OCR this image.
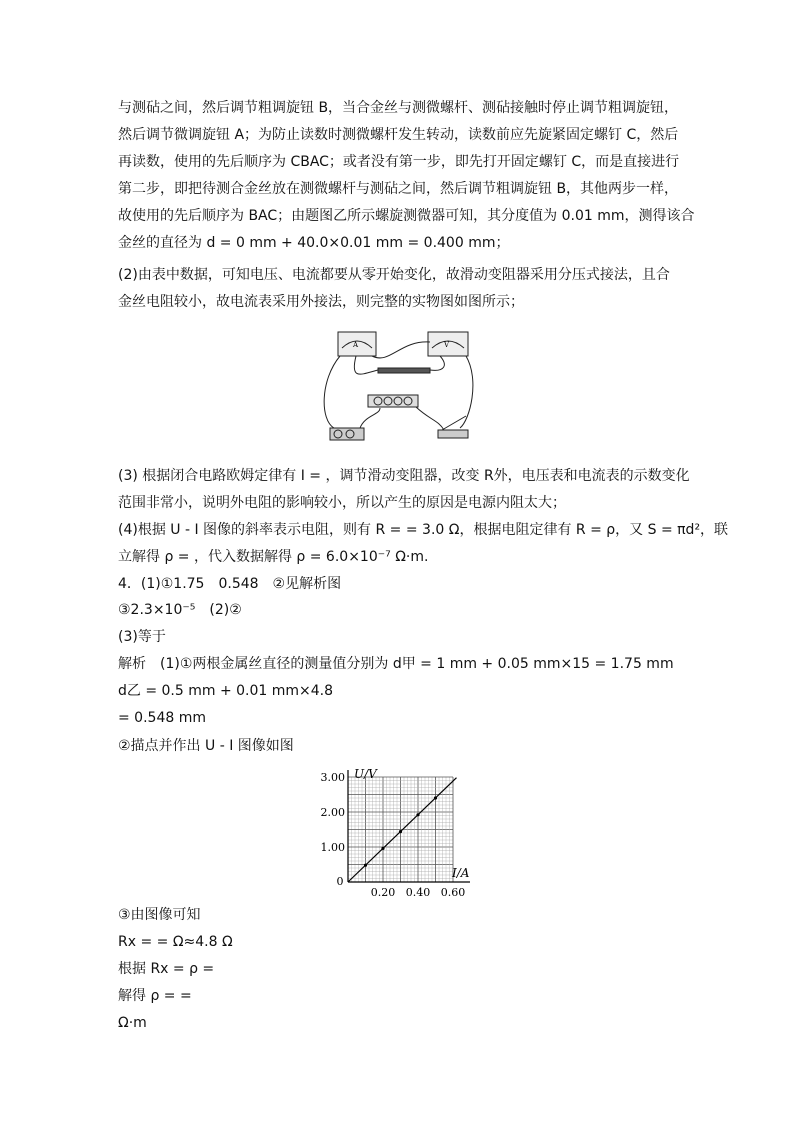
与测砧之间，然后调节粗调旋钮 B，当合金丝与测微螺杆、测砧接触时停止调节粗调旋钮，
然后调节微调旋钮 A；为防止读数时测微螺杆发生转动，读数前应先旋紧固定螺钉 C，然后
再读数，使用的先后顺序为 CBAC；或者没有第一步，即先打开固定螺钉 C，而是直接进行
第二步，即把待测合金丝放在测微螺杆与测砧之间，然后调节粗调旋钮 B，其他两步一样，
故使用的先后顺序为 BAC；由题图乙所示螺旋测微器可知，其分度值为 0.01 mm，测得该合
金丝的直径为 d = 0 mm + 40.0×0.01 mm = 0.400 mm；
(2)由表中数据，可知电压、电流都要从零开始变化，故滑动变阻器采用分压式接法，且合
金丝电阻较小，故电流表采用外接法，则完整的实物图如图所示；
A	V
(3) 根据闭合电路欧姆定律有 I = ，调节滑动变阻器，改变 R外，电压表和电流表的示数变化
范围非常小，说明外电阻的影响较小，所以产生的原因是电源内阻太大；
(4)根据 U - I 图像的斜率表示电阻，则有 R = = 3.0 Ω，根据电阻定律有 R = ρ，又 S = πd²，联
立解得 ρ = ，代入数据解得 ρ = 6.0×10⁻⁷ Ω·m.
4．(1)①1.75　0.548　②见解析图
③2.3×10⁻⁵　(2)②
(3)等于
解析　(1)①两根金属丝直径的测量值分别为 d甲 = 1 mm + 0.05 mm×15 = 1.75 mm
d乙 = 0.5 mm + 0.01 mm×4.8
= 0.548 mm
②描点并作出 U - I 图像如图
0.20 0.40 0.60
1.00
2.00
3.00 U/V
I/A
0
③由图像可知
Rx = = Ω≈4.8 Ω
根据 Rx = ρ =
解得 ρ = =
Ω·m
